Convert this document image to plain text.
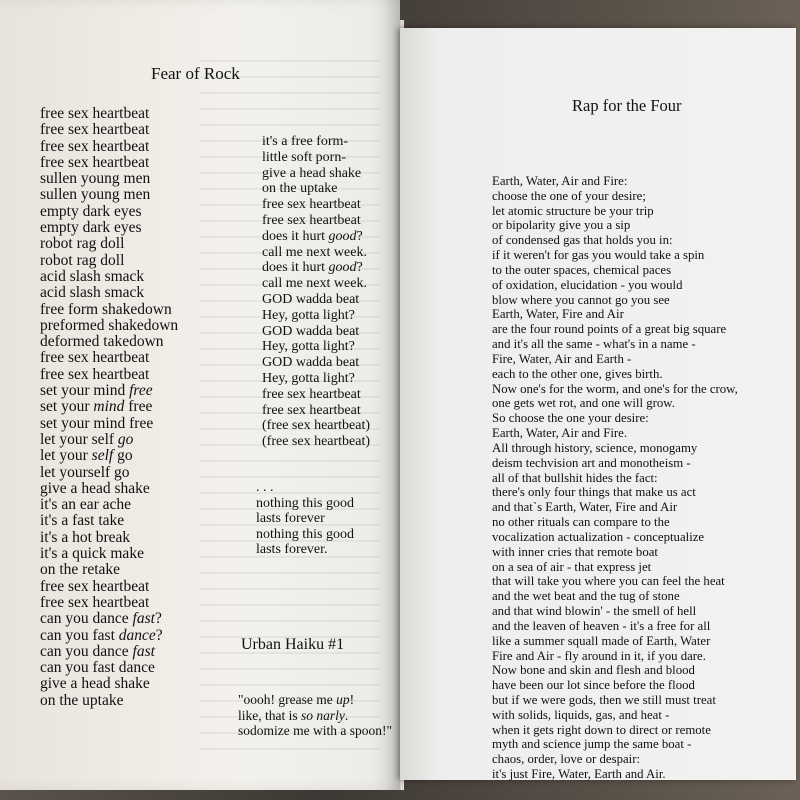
Fear of Rock
free sex heartbeat
free sex heartbeat
free sex heartbeat
free sex heartbeat
sullen young men
sullen young men
empty dark eyes
empty dark eyes
robot rag doll
robot rag doll
acid slash smack
acid slash smack
free form shakedown
preformed shakedown
deformed takedown
free sex heartbeat
free sex heartbeat
set your mind free
set your mind free
set your mind free
let your self go
let your self go
let yourself go
give a head shake
it's an ear ache
it's a fast take
it's a hot break
it's a quick make
on the retake
free sex heartbeat
free sex heartbeat
can you dance fast?
can you fast dance?
can you dance fast
can you fast dance
give a head shake
on the uptake
it's a free form-
little soft porn-
give a head shake
on the uptake
free sex heartbeat
free sex heartbeat
does it hurt good?
call me next week.
does it hurt good?
call me next week.
GOD wadda beat
Hey, gotta light?
GOD wadda beat
Hey, gotta light?
GOD wadda beat
Hey, gotta light?
free sex heartbeat
free sex heartbeat
(free sex heartbeat)
(free sex heartbeat)
. . .
nothing this good
lasts forever
nothing this good
lasts forever.
Urban Haiku #1
"oooh! grease me up!
like, that is so narly.
sodomize me with a spoon!"
Rap for the Four
Earth, Water, Air and Fire:
choose the one of your desire;
let atomic structure be your trip
or bipolarity give you a sip
of condensed gas that holds you in:
if it weren't for gas you would take a spin
to the outer spaces, chemical paces
of oxidation, elucidation - you would
blow where you cannot go you see
Earth, Water, Fire and Air
are the four round points of a great big square
and it's all the same - what's in a name -
Fire, Water, Air and Earth -
each to the other one, gives birth.
Now one's for the worm, and one's for the crow,
one gets wet rot, and one will grow.
So choose the one your desire:
Earth, Water, Air and Fire.
All through history, science, monogamy
deism techvision art and monotheism -
all of that bullshit hides the fact:
there's only four things that make us act
and that`s Earth, Water, Fire and Air
no other rituals can compare to the
vocalization actualization - conceptualize
with inner cries that remote boat
on a sea of air - that express jet
that will take you where you can feel the heat
and the wet beat and the tug of stone
and that wind blowin' - the smell of hell
and the leaven of heaven - it's a free for all
like a summer squall made of Earth, Water
Fire and Air - fly around in it, if you dare.
Now bone and skin and flesh and blood
have been our lot since before the flood
but if we were gods, then we still must treat
with solids, liquids, gas, and heat -
when it gets right down to direct or remote
myth and science jump the same boat -
chaos, order, love or despair:
it's just Fire, Water, Earth and Air.
